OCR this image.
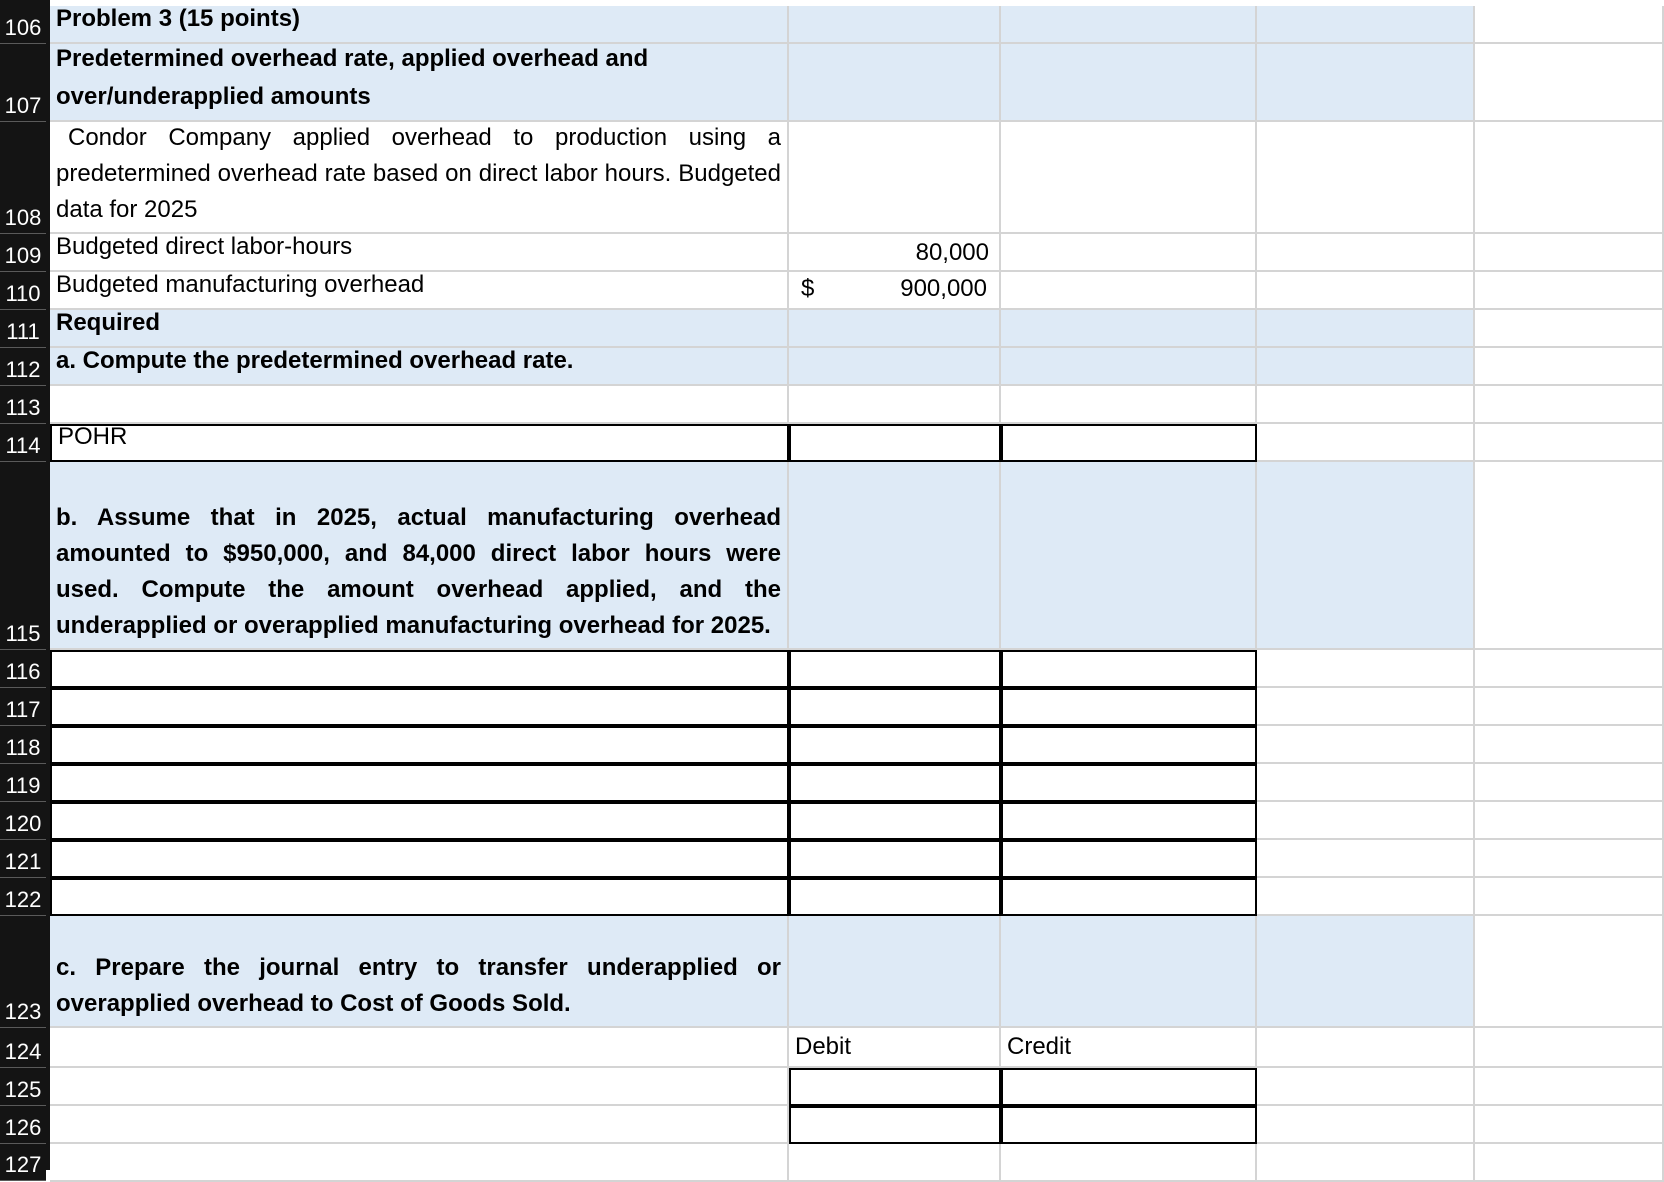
Problem 3 (15 points)
106
Predetermined overhead rate, applied overhead and over/underapplied amounts
107
Condor Company applied overhead to production using a predetermined overhead rate based on direct labor hours. Budgeted data for 2025
108
Budgeted direct labor-hours	80,000
109
Budgeted manufacturing overhead	$	900,000
110
Required
111
a. Compute the predetermined overhead rate.
112
113
POHR
114
b. Assume that in 2025, actual manufacturing overhead amounted to $950,000, and 84,000 direct labor hours were used. Compute the amount overhead applied, and the underapplied or overapplied manufacturing overhead for 2025.
115
116
117
118
119
120
121
122
c. Prepare the journal entry to transfer underapplied or overapplied overhead to Cost of Goods Sold.
123
Debit	Credit
124
125
126
127
